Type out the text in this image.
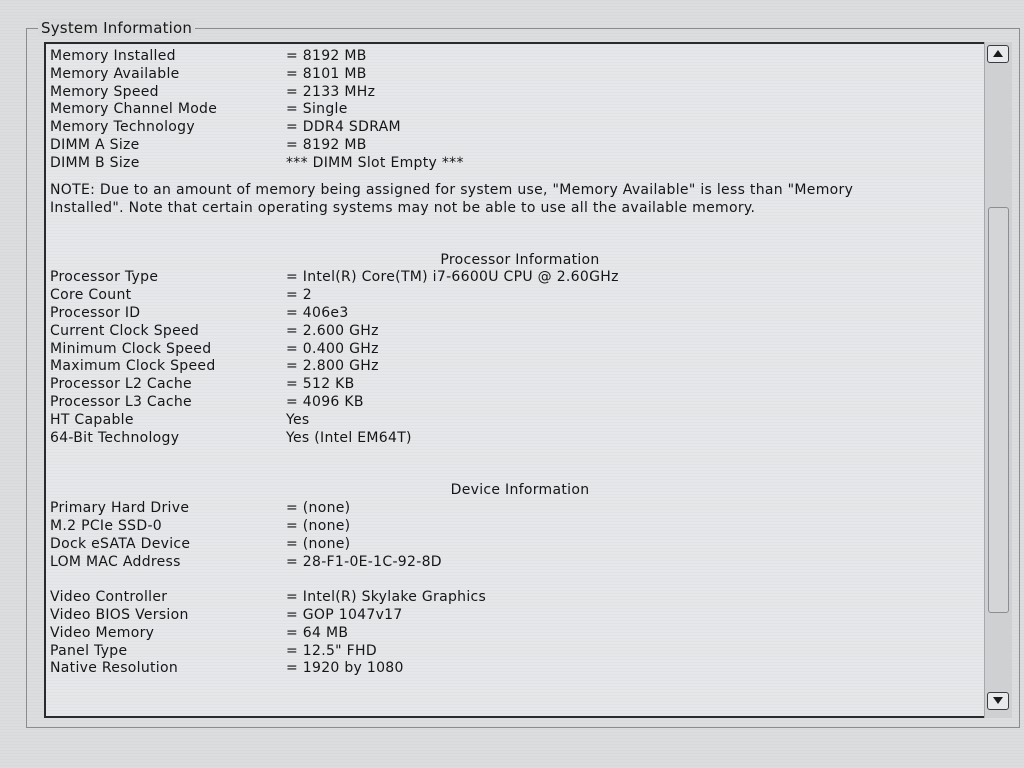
System Information
Memory Installed	= 8192 MB
Memory Available	= 8101 MB
Memory Speed	= 2133 MHz
Memory Channel Mode	= Single
Memory Technology	= DDR4 SDRAM
DIMM A Size	= 8192 MB
DIMM B Size	*** DIMM Slot Empty ***
NOTE: Due to an amount of memory being assigned for system use, "Memory Available" is less than "Memory Installed". Note that certain operating systems may not be able to use all the available memory.
Processor Information
Processor Type	= Intel(R) Core(TM) i7-6600U CPU @ 2.60GHz
Core Count	= 2
Processor ID	= 406e3
Current Clock Speed	= 2.600 GHz
Minimum Clock Speed	= 0.400 GHz
Maximum Clock Speed	= 2.800 GHz
Processor L2 Cache	= 512 KB
Processor L3 Cache	= 4096 KB
HT Capable	Yes
64-Bit Technology	Yes (Intel EM64T)
Device Information
Primary Hard Drive	= (none)
M.2 PCIe SSD-0	= (none)
Dock eSATA Device	= (none)
LOM MAC Address	= 28-F1-0E-1C-92-8D
Video Controller	= Intel(R) Skylake Graphics
Video BIOS Version	= GOP 1047v17
Video Memory	= 64 MB
Panel Type	= 12.5" FHD
Native Resolution	= 1920 by 1080
